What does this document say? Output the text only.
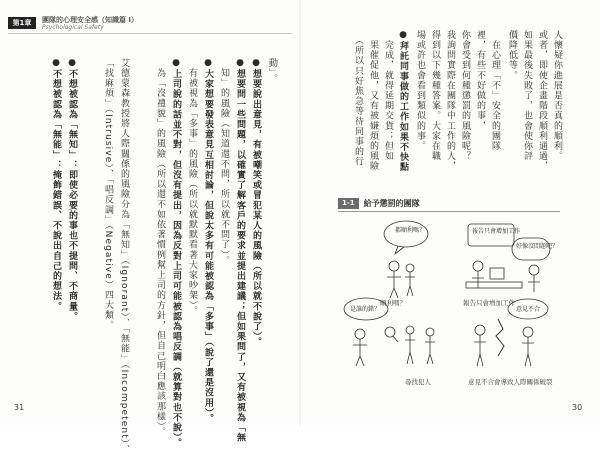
第1章	團隊的心理安全感（知識篇 I）
Psychological Safety
動」。
●想要說出意見，有被嘲笑或冒犯某人的風險（所以就不說了）。
●想要問一些問題，以確實了解客戶的要求並提出建議；但如果問了，又有被視為「無
　知」的風險（知道還不問，所以就不問了）。
●大家想要發表意見互相討論，但說太多有可能被認為「多事」（說了還是沒用）。
　有被視為「多事」的風險（所以就默默看著大家吵架）。
●上司說的話並不對，但沒有提出，因為反對上司可能被認為唱反調（就算對也不說）。
　為「沒禮貌」的風險（所以還不如依著慣例幫上司的方針，但自己明白應該那樣）。
艾德蒙森教授將人際關係的風險分為「無知」（Ignorant）、「無能」（Incompetent）、
「找麻煩」（Intrusive）、「唱反調」（Negative）四大類。
●不想被認為「無知」：即使必要的事也不提問、不商量。
●不想被認為「無能」：掩飾錯誤、不說出自己的想法。
31
人懷疑你進展是否真的順利。
或者，即使企畫階段順利通過，
如果最後失敗了，也會使你評
價降低等。
　在心理「不」安全的團隊
裡，有些不好做的事，
你會受到何種懲罰的風險呢？
我詢問實際在團隊中工作的人，
得到以下幾種答案。大家在職
場或許也會看到類似的事。
●拜託同事做的工作如果不快點
　完成，就得延期交貨；但如
　果催促他，又有被嫌煩的風險
　（所以只好焦急等待同事的行
1-1	給予懲罰的團隊
都順利嗎？	報告只會增加工作
好像沒問題吧？
是誰的錯？	意見不合
順利嗎？	報告只會增加工作
尋找犯人	意見不合會導致人際關係破裂
30
